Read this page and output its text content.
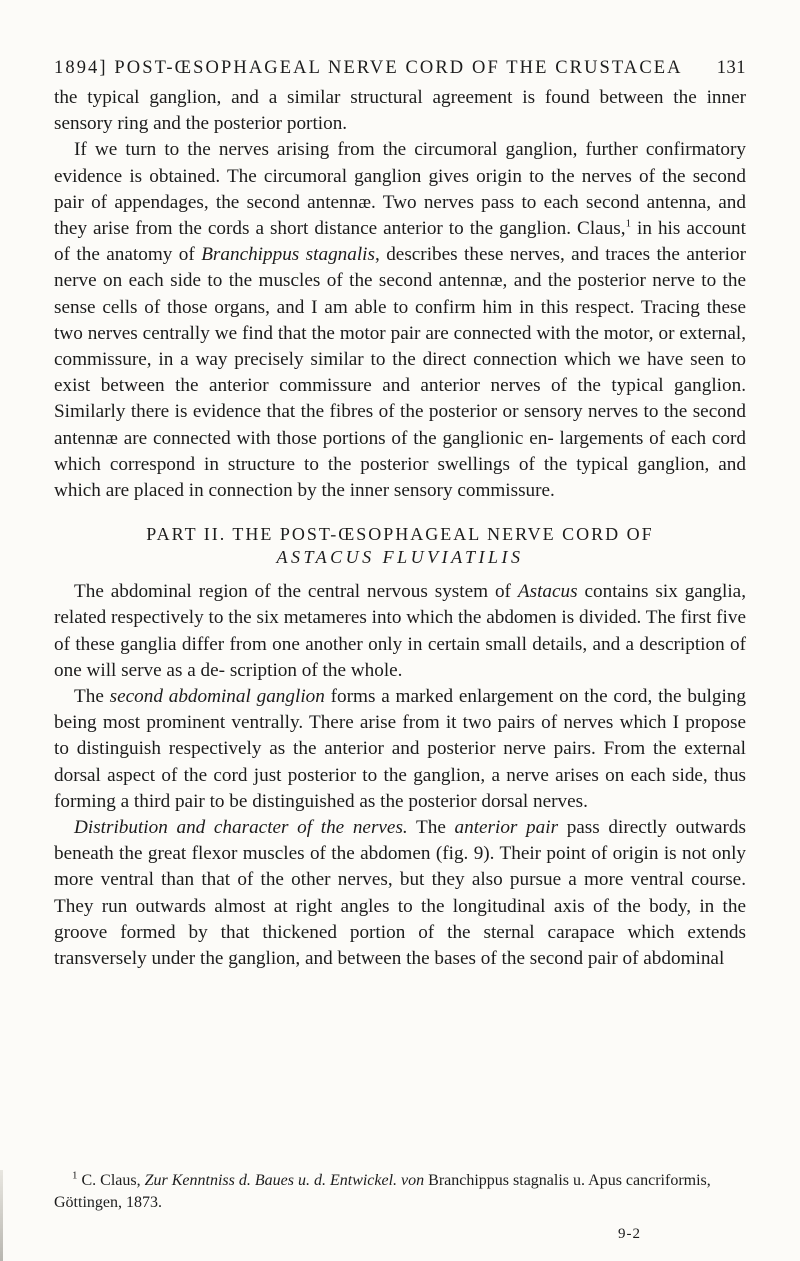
1894] POST-ŒSOPHAGEAL NERVE CORD OF THE CRUSTACEA 131

the typical ganglion, and a similar structural agreement is found between the inner sensory ring and the posterior portion.

If we turn to the nerves arising from the circumoral ganglion, further confirmatory evidence is obtained. The circumoral ganglion gives origin to the nerves of the second pair of appendages, the second antennæ. Two nerves pass to each second antenna, and they arise from the cords a short distance anterior to the ganglion. Claus,$^1$ in his account of the anatomy of Branchippus stagnalis, describes these nerves, and traces the anterior nerve on each side to the muscles of the second antennæ, and the posterior nerve to the sense cells of those organs, and I am able to confirm him in this respect. Tracing these two nerves centrally we find that the motor pair are connected with the motor, or external, commissure, in a way precisely similar to the direct connection which we have seen to exist between the anterior commissure and anterior nerves of the typical ganglion. Similarly there is evidence that the fibres of the posterior or sensory nerves to the second antennæ are connected with those portions of the ganglionic en- largements of each cord which correspond in structure to the posterior swellings of the typical ganglion, and which are placed in connection by the inner sensory commissure.

PART II. THE POST-ŒSOPHAGEAL NERVE CORD OF
ASTACUS FLUVIATILIS

The abdominal region of the central nervous system of Astacus contains six ganglia, related respectively to the six metameres into which the abdomen is divided. The first five of these ganglia differ from one another only in certain small details, and a description of one will serve as a de- scription of the whole.

The second abdominal ganglion forms a marked enlargement on the cord, the bulging being most prominent ventrally. There arise from it two pairs of nerves which I propose to distinguish respectively as the anterior and posterior nerve pairs. From the external dorsal aspect of the cord just posterior to the ganglion, a nerve arises on each side, thus forming a third pair to be distinguished as the posterior dorsal nerves.

Distribution and character of the nerves. The anterior pair pass directly outwards beneath the great flexor muscles of the abdomen (fig. 9). Their point of origin is not only more ventral than that of the other nerves, but they also pursue a more ventral course. They run outwards almost at right angles to the longitudinal axis of the body, in the groove formed by that thickened portion of the sternal carapace which extends transversely under the ganglion, and between the bases of the second pair of abdominal

$^1$ C. Claus, Zur Kenntniss d. Baues u. d. Entwickel. von Branchippus stagnalis u. Apus cancriformis, Göttingen, 1873.
9-2
